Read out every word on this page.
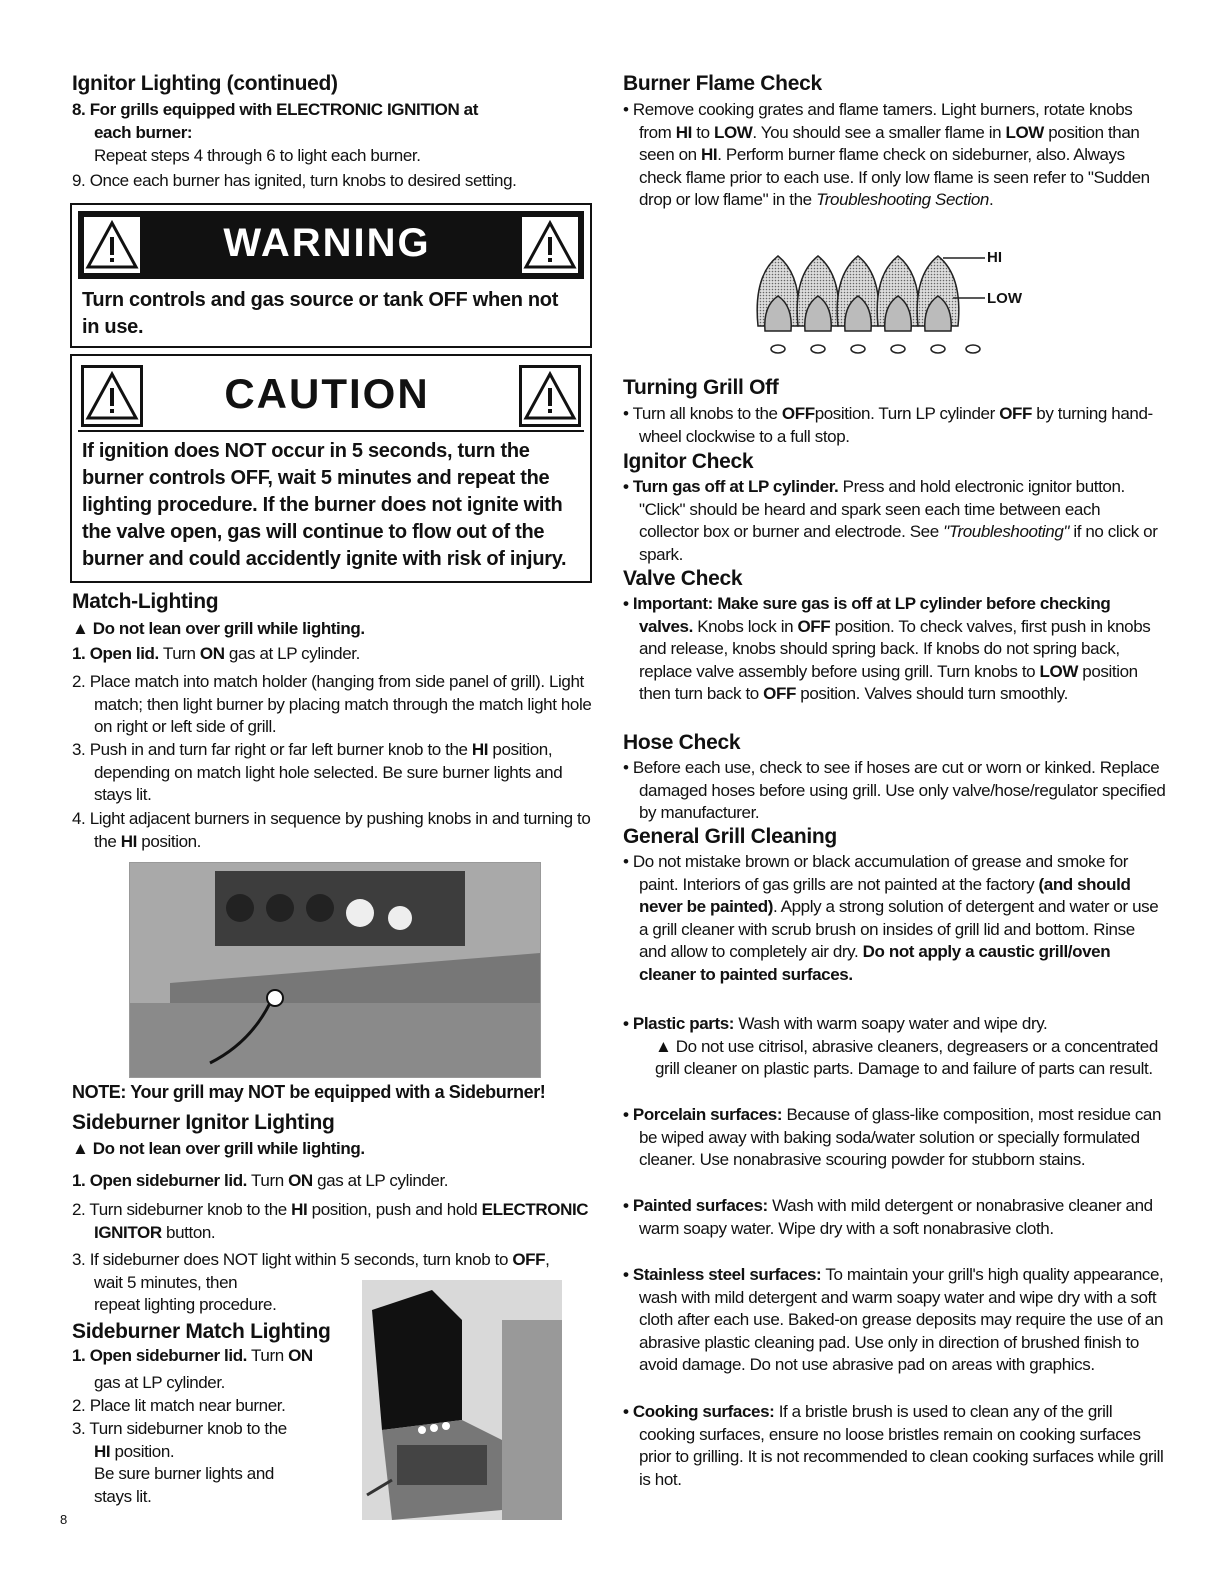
Ignitor Lighting (continued)
8. For grills equipped with ELECTRONIC IGNITION at
each burner:
Repeat steps 4 through 6 to light each burner.
9. Once each burner has ignited, turn knobs to desired setting.
WARNING
Turn controls and gas source or tank OFF when not in use.
CAUTION
If ignition does NOT occur in 5 seconds, turn the burner controls OFF, wait 5 minutes and repeat the lighting procedure. If the burner does not ignite with the valve open, gas will continue to flow out of the burner and could accidently ignite with risk of injury.
Match-Lighting
▲ Do not lean over grill while lighting.
1. Open lid. Turn ON gas at LP cylinder.
2. Place match into match holder (hanging from side panel of grill). Light match; then light burner by placing match through the match light hole on right or left side of grill.
3. Push in and turn far right or far left burner knob to the HI position, depending on match light hole selected. Be sure burner lights and stays lit.
4. Light adjacent burners in sequence by pushing knobs in and turning to the HI position.
NOTE: Your grill may NOT be equipped with a Sideburner!
Sideburner Ignitor Lighting
▲ Do not lean over grill while lighting.
1. Open sideburner lid. Turn ON gas at LP cylinder.
2. Turn sideburner knob to the HI position, push and hold ELECTRONIC IGNITOR button.
3. If sideburner does NOT light within 5 seconds, turn knob to OFF,
wait 5 minutes, then
repeat lighting procedure.
Sideburner Match Lighting
1. Open sideburner lid. Turn ON
gas at LP cylinder.
2. Place lit match near burner.
3. Turn sideburner knob to the
HI position.
Be sure burner lights and
stays lit.
8
Burner Flame Check
• Remove cooking grates and flame tamers. Light burners, rotate knobs from HI to LOW. You should see a smaller flame in LOW position than seen on HI. Perform burner flame check on sideburner, also. Always check flame prior to each use. If only low flame is seen refer to "Sudden drop or low flame" in the Troubleshooting Section.
HI
LOW
Turning Grill Off
• Turn all knobs to the OFFposition. Turn LP cylinder OFF by turning hand-wheel clockwise to a full stop.
Ignitor Check
• Turn gas off at LP cylinder. Press and hold electronic ignitor button. "Click" should be heard and spark seen each time between each collector box or burner and electrode. See "Troubleshooting" if no click or spark.
Valve Check
• Important: Make sure gas is off at LP cylinder before checking valves. Knobs lock in OFF position. To check valves, first push in knobs and release, knobs should spring back. If knobs do not spring back, replace valve assembly before using grill. Turn knobs to LOW position then turn back to OFF position. Valves should turn smoothly.
Hose Check
• Before each use, check to see if hoses are cut or worn or kinked. Replace damaged hoses before using grill. Use only valve/hose/regulator specified by manufacturer.
General Grill Cleaning
• Do not mistake brown or black accumulation of grease and smoke for paint. Interiors of gas grills are not painted at the factory (and should never be painted). Apply a strong solution of detergent and water or use a grill cleaner with scrub brush on insides of grill lid and bottom. Rinse and allow to completely air dry. Do not apply a caustic grill/oven cleaner to painted surfaces.
• Plastic parts: Wash with warm soapy water and wipe dry.
▲ Do not use citrisol, abrasive cleaners, degreasers or a concentrated grill cleaner on plastic parts. Damage to and failure of parts can result.
• Porcelain surfaces: Because of glass-like composition, most residue can be wiped away with baking soda/water solution or specially formulated cleaner. Use nonabrasive scouring powder for stubborn stains.
• Painted surfaces: Wash with mild detergent or nonabrasive cleaner and warm soapy water. Wipe dry with a soft nonabrasive cloth.
• Stainless steel surfaces: To maintain your grill's high quality appearance, wash with mild detergent and warm soapy water and wipe dry with a soft cloth after each use. Baked-on grease deposits may require the use of an abrasive plastic cleaning pad. Use only in direction of brushed finish to avoid damage. Do not use abrasive pad on areas with graphics.
• Cooking surfaces: If a bristle brush is used to clean any of the grill cooking surfaces, ensure no loose bristles remain on cooking surfaces prior to grilling. It is not recommended to clean cooking surfaces while grill is hot.
